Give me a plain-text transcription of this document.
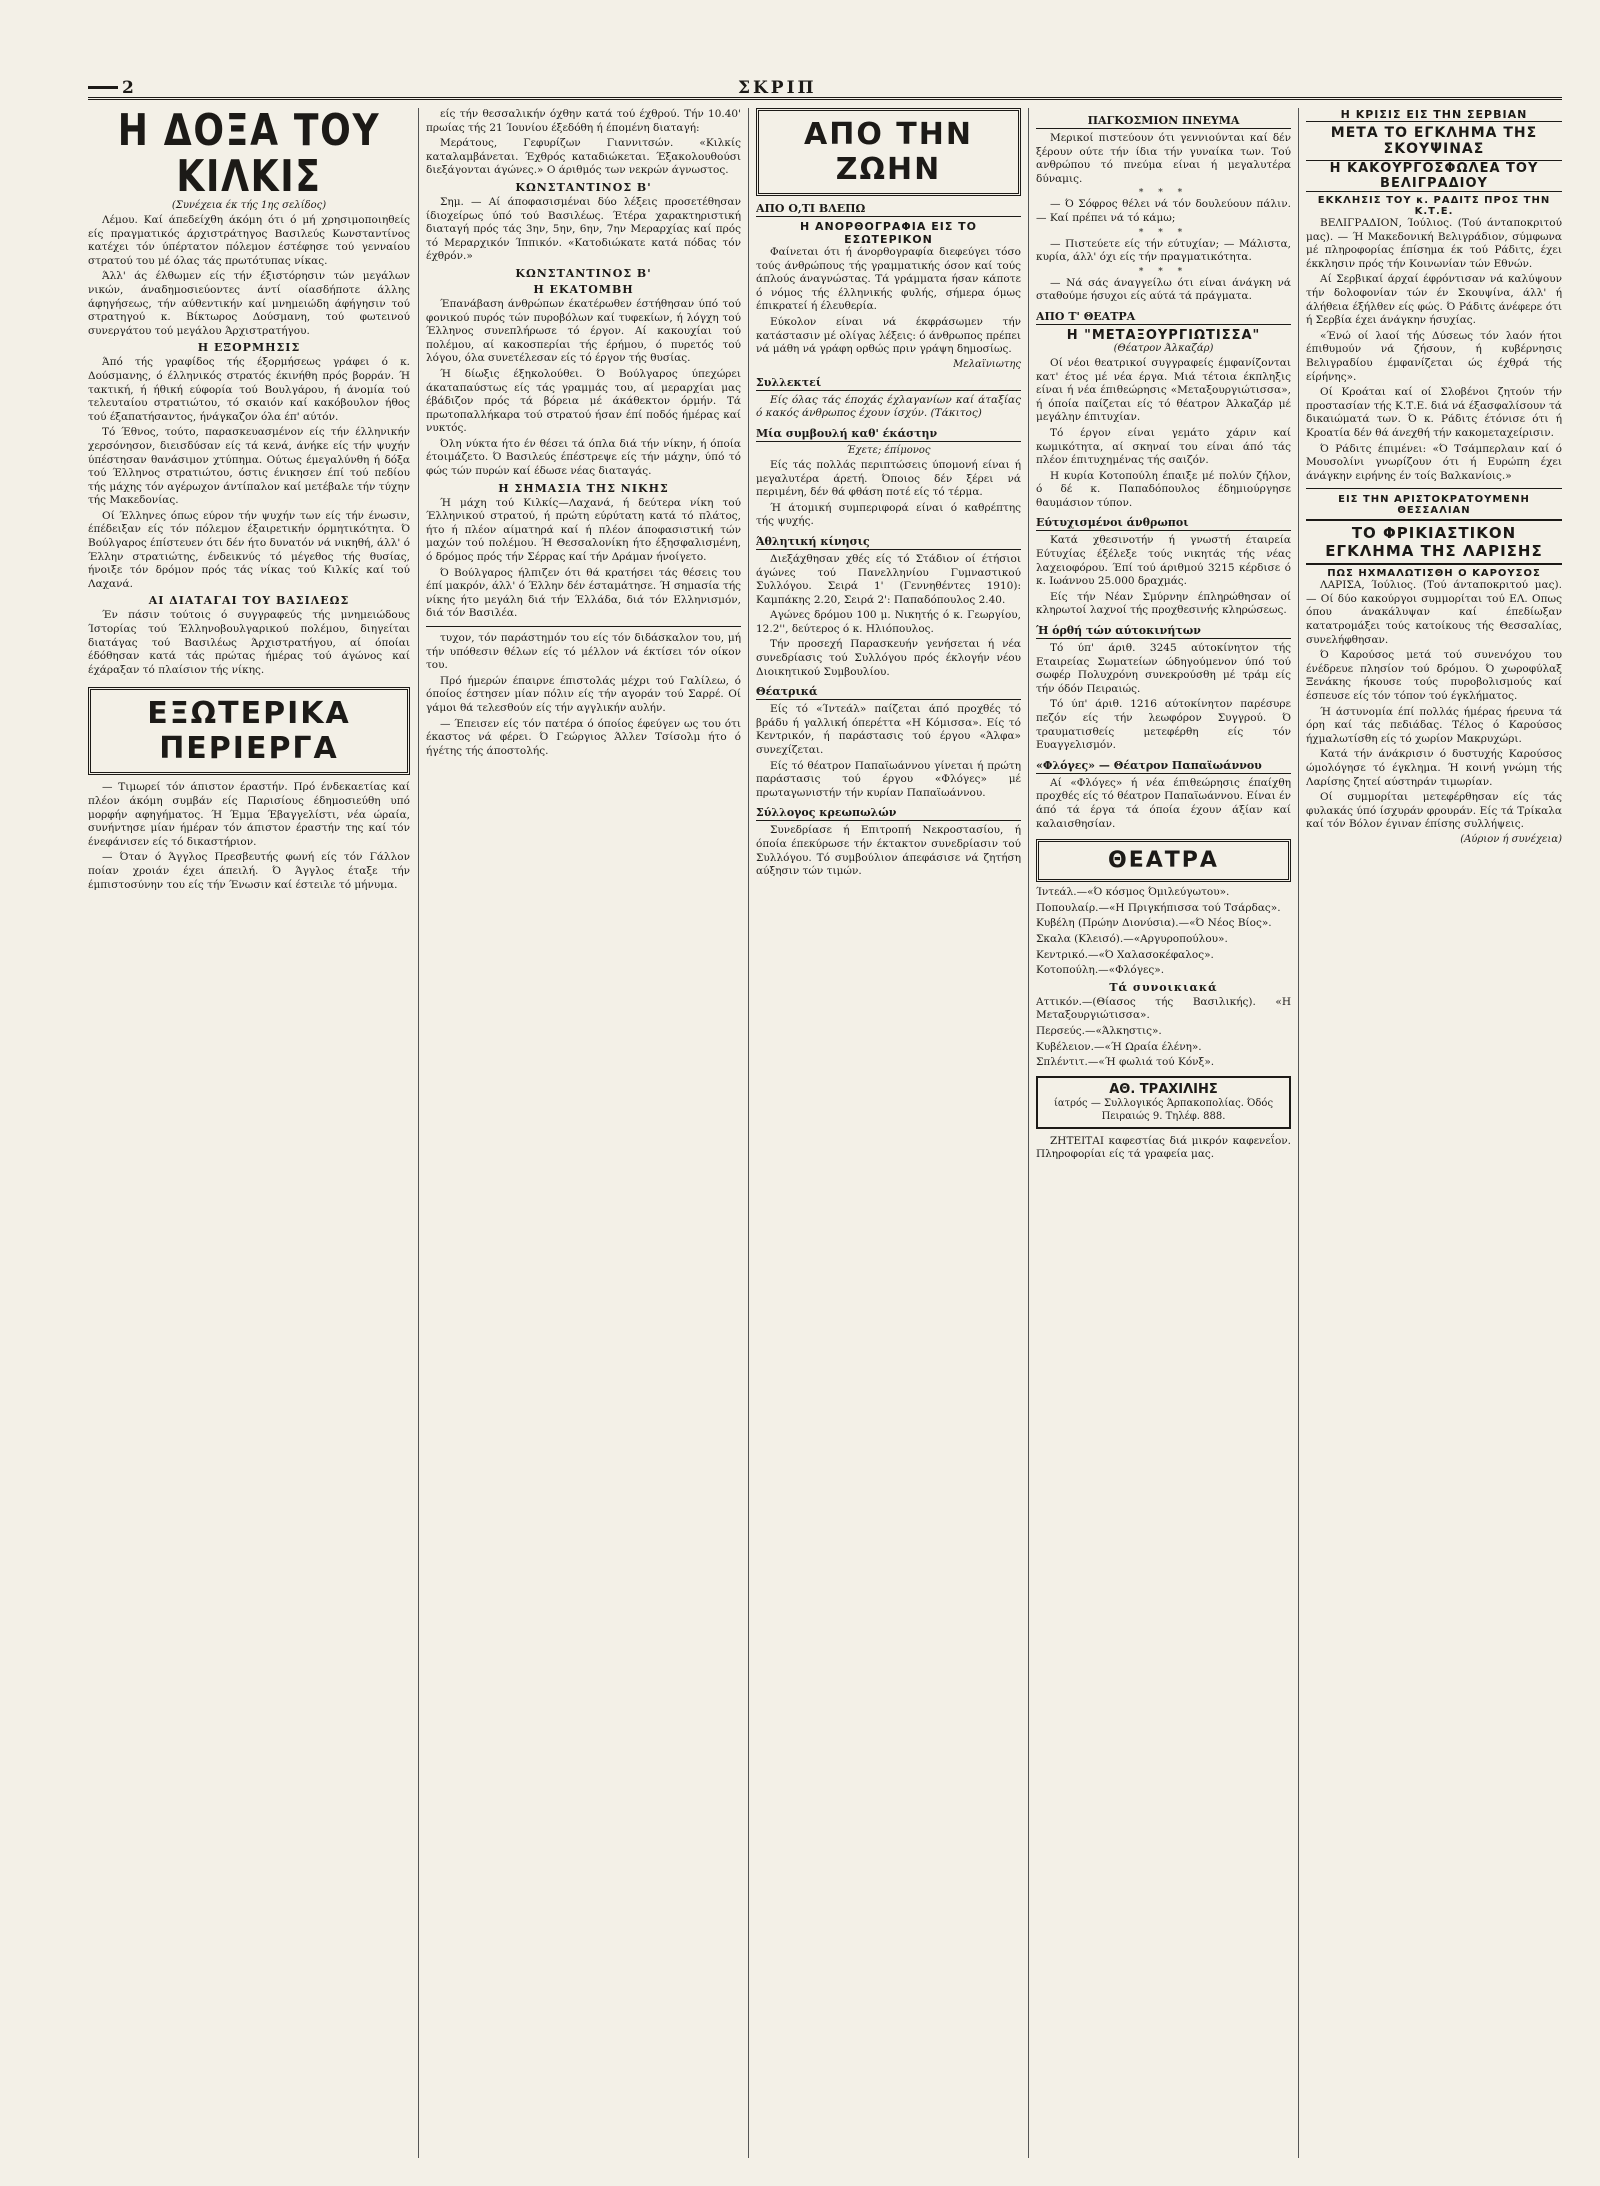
2	ΣΚΡΙΠ
Η ΔΟΞΑ ΤΟΥ ΚΙΛΚΙΣ
(Συνέχεια έκ τής 1ης σελίδος)

Λέμου. Καί άπεδείχθη άκόμη ότι ό μή χρησιμοποιηθείς είς πραγματικός άρχιστράτηγος Βασιλεύς Κωνσταντίνος κατέχει τόν ύπέρτατον πόλεμον έστέφησε τού γενναίου στρατού του μέ όλας τάς πρωτότυπας νίκας.

Άλλ' άς έλθωμεν είς τήν έξιστόρησιν τών μεγάλων νικών, άναδημοσιεύοντες άντί οίασδήποτε άλλης άφηγήσεως, τήν αύθεντικήν καί μνημειώδη άφήγησιν τού στρατηγού κ. Βίκτωρος Δούσμανη, τού φωτεινού συνεργάτου τού μεγάλου Άρχιστρατήγου.

Η ΕΞΟΡΜΗΣΙΣ

Άπό τής γραφίδος τής έξορμήσεως γράφει ό κ. Δούσμανης, ό έλληνικός στρατός έκινήθη πρός βορράν. Ή τακτική, ή ήθική εύφορία τού Βουλγάρου, ή άνομία τού τελευταίου στρατιώτου, τό σκαιόν καί κακόβουλον ήθος τού έξαπατήσαντος, ήνάγκαζον όλα έπ' αύτόν.

Τό Έθνος, τούτο, παρασκευασμένον είς τήν έλληνικήν χερσόνησον, διεισδύσαν είς τά κενά, άνήκε είς τήν ψυχήν ύπέστησαν θανάσιμον χτύπημα. Ούτως έμεγαλύνθη ή δόξα τού Έλληνος στρατιώτου, όστις ένικησεν έπί τού πεδίου τής μάχης τόν αγέρωχον άντίπαλον καί μετέβαλε τήν τύχην τής Μακεδονίας.

Οί Έλληνες όπως εύρον τήν ψυχήν των είς τήν ένωσιν, έπέδειξαν είς τόν πόλεμον έξαιρετικήν όρμητικότητα. Ό Βούλγαρος έπίστευεν ότι δέν ήτο δυνατόν νά νικηθή, άλλ' ό Έλλην στρατιώτης, ένδεικνύς τό μέγεθος τής θυσίας, ήνοιξε τόν δρόμον πρός τάς νίκας τού Κιλκίς καί τού Λαχανά.

ΑΙ ΔΙΑΤΑΓΑΙ ΤΟΥ ΒΑΣΙΛΕΩΣ

Έν πάσιν τούτοις ό συγγραφεύς τής μνημειώδους Ίστορίας τού Έλληνοβουλγαρικού πολέμου, διηγείται διατάγας τού Βασιλέως Άρχιστρατήγου, αί όποίαι έδόθησαν κατά τάς πρώτας ήμέρας τού άγώνος καί έχάραξαν τό πλαίσιον τής νίκης.

ΕΞΩΤΕΡΙΚΑ ΠΕΡΙΕΡΓΑ

— Τιμωρεί τόν άπιστον έραστήν. Πρό ένδεκαετίας καί πλέον άκόμη συμβάν είς Παρισίους έδημοσιεύθη υπό μορφήν αφηγήματος. Ή Έμμα Έβαγγελίστι, νέα ώραία, συνήντησε μίαν ήμέραν τόν άπιστον έραστήν της καί τόν ένεφάνισεν είς τό δικαστήριον.

— Όταν ό Άγγλος Πρεσβευτής φωνή είς τόν Γάλλον ποίαν χροιάν έχει άπειλή. Ό Άγγλος έταξε τήν έμπιστοσύνην του είς τήν Ένωσιν καί έστειλε τό μήνυμα.

είς τήν θεσσαλικήν όχθην κατά τού έχθρού. Τήν 10.40' πρωίας τής 21 Ίουνίου έξεδόθη ή έπομένη διαταγή:

Μεράτους, Γεφυρίζων Γιαννιτσών. «Κιλκίς καταλαμβάνεται. Έχθρός καταδιώκεται. Έξακολουθούσι διεξάγονται άγώνες.» Ο άριθμός των νεκρών άγνωστος.

ΚΩΝΣΤΑΝΤΙΝΟΣ Β'

Σημ. — Αί άποφασισμέναι δύο λέξεις προσετέθησαν ίδιοχείρως ύπό τού Βασιλέως. Έτέρα χαρακτηριστική διαταγή πρός τάς 3ην, 5ην, 6ην, 7ην Μεραρχίας καί πρός τό Μεραρχικόν Ίππικόν. «Κατοδιώκατε κατά πόδας τόν έχθρόν.»

ΚΩΝΣΤΑΝΤΙΝΟΣ Β'
Η ΕΚΑΤΟΜΒΗ

Έπανάβαση άνθρώπων έκατέρωθεν έστήθησαν ύπό τού φονικού πυρός τών πυροβόλων καί τυφεκίων, ή λόγχη τού Έλληνος συνεπλήρωσε τό έργον. Αί κακουχίαι τού πολέμου, αί κακοσπερίαι τής έρήμου, ό πυρετός τού λόγου, όλα συνετέλεσαν είς τό έργον τής θυσίας.

Ή δίωξις έξηκολούθει. Ό Βούλγαρος ύπεχώρει άκαταπαύστως είς τάς γραμμάς του, αί μεραρχίαι μας έβάδιζον πρός τά βόρεια μέ άκάθεκτον όρμήν. Τά πρωτοπαλλήκαρα τού στρατού ήσαν έπί ποδός ήμέρας καί νυκτός.

Όλη νύκτα ήτο έν θέσει τά όπλα διά τήν νίκην, ή όποία έτοιμάζετο. Ό Βασιλεύς έπέστρεψε είς τήν μάχην, ύπό τό φώς τών πυρών καί έδωσε νέας διαταγάς.

Η ΣΗΜΑΣΙΑ ΤΗΣ ΝΙΚΗΣ

Ή μάχη τού Κιλκίς—Λαχανά, ή δεύτερα νίκη τού Έλληνικού στρατού, ή πρώτη εύρύτατη κατά τό πλάτος, ήτο ή πλέον αίματηρά καί ή πλέον άποφασιστική τών μαχών τού πολέμου. Ή Θεσσαλονίκη ήτο έξησφαλισμένη, ό δρόμος πρός τήν Σέρρας καί τήν Δράμαν ήνοίγετο.

Ό Βούλγαρος ήλπιζεν ότι θά κρατήσει τάς θέσεις του έπί μακρόν, άλλ' ό Έλλην δέν έσταμάτησε. Ή σημασία τής νίκης ήτο μεγάλη διά τήν Έλλάδα, διά τόν Ελληνισμόν, διά τόν Βασιλέα.

τυχον, τόν παράστημόν του είς τόν διδάσκαλον του, μή τήν υπόθεσιν θέλων είς τό μέλλον νά έκτίσει τόν οίκον του.

Πρό ήμερών έπαιρνε έπιστολάς μέχρι τού Γαλίλεω, ό όποίος έστησεν μίαν πόλιν είς τήν αγοράν τού Σαρρέ. Οί γάμοι θά τελεσθούν είς τήν αγγλικήν αυλήν.

— Έπεισεν είς τόν πατέρα ό όποίος έφεύγεν ως του ότι έκαστος νά φέρει. Ό Γεώργιος Άλλεν Τσίσολμ ήτο ό ήγέτης τής άποστολής.

ΑΠΟ ΤΗΝ ΖΩΗΝ
ΑΠΟ Ο,ΤΙ ΒΛΕΠΩ
Η ΑΝΟΡΘΟΓΡΑΦΙΑ ΕΙΣ ΤΟ ΕΣΩΤΕΡΙΚΟΝ

Φαίνεται ότι ή άνορθογραφία διεφεύγει τόσο τούς άνθρώπους τής γραμματικής όσον καί τούς άπλούς άναγνώστας. Τά γράμματα ήσαν κάποτε ό νόμος τής έλληνικής φυλής, σήμερα όμως έπικρατεί ή έλευθερία.

Εύκολον είναι νά έκφράσωμεν τήν κατάστασιν μέ ολίγας λέξεις: ό άνθρωπος πρέπει νά μάθη νά γράφη ορθώς πριν γράψη δημοσίως.

Μελαϊνιωτης
Συλλεκτεί

Είς όλας τάς έποχάς έχλαγανίων καί άταξίας ό κακός άνθρωπος έχουν ίσχύν. (Τάκιτος)

Μία συμβουλή καθ' έκάστην
Έχετε; έπίμονος

Είς τάς πολλάς περιπτώσεις ύπομονή είναι ή μεγαλυτέρα άρετή. Όποιος δέν ξέρει νά περιμένη, δέν θά φθάση ποτέ είς τό τέρμα.

Ή άτομική συμπεριφορά είναι ό καθρέπτης τής ψυχής.

Άθλητική κίνησις

Διεξάχθησαν χθές είς τό Στάδιον οί έτήσιοι άγώνες τού Πανελληνίου Γυμναστικού Συλλόγου. Σειρά 1' (Γεννηθέντες 1910): Καμπάκης 2.20, Σειρά 2': Παπαδόπουλος 2.40.

Αγώνες δρόμου 100 μ. Νικητής ό κ. Γεωργίου, 12.2'', δεύτερος ό κ. Ηλιόπουλος.

Τήν προσεχή Παρασκευήν γενήσεται ή νέα συνεδρίασις τού Συλλόγου πρός έκλογήν νέου Διοικητικού Συμβουλίου.

Θέατρικά

Είς τό «Ίντεάλ» παίζεται άπό προχθές τό βράδυ ή γαλλική όπερέττα «Η Κόμισσα». Είς τό Κεντρικόν, ή παράστασις τού έργου «Άλφα» συνεχίζεται.

Είς τό θέατρον Παπαϊωάννου γίνεται ή πρώτη παράστασις τού έργου «Φλόγες» μέ πρωταγωνιστήν τήν κυρίαν Παπαϊωάννου.

Σύλλογος κρεωπωλών

Συνεδρίασε ή Επιτροπή Νεκροστασίου, ή όποία έπεκύρωσε τήν έκτακτον συνεδρίασιν τού Συλλόγου. Τό συμβούλιον άπεφάσισε νά ζητήση αύξησιν τών τιμών.

ΠΑΓΚΟΣΜΙΟΝ ΠΝΕΥΜΑ

Μερικοί πιστεύουν ότι γεννιούνται καί δέν ξέρουν ούτε τήν ίδια τήν γυναίκα των. Τού ανθρώπου τό πνεύμα είναι ή μεγαλυτέρα δύναμις.

* * *

— Ό Σόφρος θέλει νά τόν δουλεύουν πάλιν. — Καί πρέπει νά τό κάμω;

* * *

— Πιστεύετε είς τήν εύτυχίαν; — Μάλιστα, κυρία, άλλ' όχι είς τήν πραγματικότητα.

* * *

— Νά σάς άναγγείλω ότι είναι άνάγκη νά σταθούμε ήσυχοι είς αύτά τά πράγματα.

ΑΠΟ Τ' ΘΕΑΤΡΑ
Η "ΜΕΤΑΞΟΥΡΓΙΩΤΙΣΣΑ"
(Θέατρον Άλκαζάρ)

Οί νέοι θεατρικοί συγγραφείς έμφανίζονται κατ' έτος μέ νέα έργα. Μιά τέτοια έκπληξις είναι ή νέα έπιθεώρησις «Μεταξουργιώτισσα», ή όποία παίζεται είς τό θέατρον Άλκαζάρ μέ μεγάλην έπιτυχίαν.

Τό έργον είναι γεμάτο χάριν καί κωμικότητα, αί σκηναί του είναι άπό τάς πλέον έπιτυχημένας τής σαιζόν.

Η κυρία Κοτοπούλη έπαιξε μέ πολύν ζήλον, ό δέ κ. Παπαδόπουλος έδημιούργησε θαυμάσιον τύπον.

Εύτυχισμένοι άνθρωποι

Κατά χθεσινοτήν ή γνωστή έταιρεία Εύτυχίας έξέλεξε τούς νικητάς τής νέας λαχειοφόρου. Έπί τού άριθμού 3215 κέρδισε ό κ. Ιωάννου 25.000 δραχμάς.

Είς τήν Νέαν Σμύρνην έπληρώθησαν οί κληρωτοί λαχνοί τής προχθεσινής κληρώσεως.

Ή όρθή τών αύτοκινήτων

Τό ύπ' άριθ. 3245 αύτοκίνητον τής Εταιρείας Σωματείων ώδηγούμενον ύπό τού σωφέρ Πολυχρόνη συνεκρούσθη μέ τράμ είς τήν όδόν Πειραιώς.

Τό ύπ' άριθ. 1216 αύτοκίνητον παρέσυρε πεζόν είς τήν λεωφόρον Συγγρού. Ό τραυματισθείς μετεφέρθη είς τόν Ευαγγελισμόν.

«Φλόγες» — Θέατρον Παπαϊωάννου

Αί «Φλόγες» ή νέα έπιθεώρησις έπαίχθη προχθές είς τό θέατρον Παπαϊωάννου. Είναι έν άπό τά έργα τά όποία έχουν άξίαν καί καλαισθησίαν.

ΘΕΑΤΡΑ

Ίντεάλ.—«Ό κόσμος Όμιλεύγωτου».

Ποπουλαίρ.—«Η Πριγκήπισσα τού Τσάρδας».

Κυβέλη (Πρώην Διονύσια).—«Ό Νέος Βίος».

Σκαλα (Κλεισό).—«Αργυροπούλου».

Κεντρικό.—«Ό Χαλασοκέφαλος».

Κοτοπούλη.—«Φλόγες».

Τά συνοικιακά

Αττικόν.—(Θίασος τής Βασιλικής). «Η Μεταξουργιώτισσα».

Περσεύς.—«Άλκηστις».

Κυβέλειον.—«Ή Ωραία έλένη».

Σπλέντιτ.—«Ή φωλιά τού Κόνξ».

ΑΘ. ΤΡΑΧΙΛΙΗΣ
ίατρός — Συλλογικός Άρπακοπολίας. Όδός Πειραιώς 9. Τηλέφ. 888.

ΖΗΤΕΙΤΑΙ καφεστίας διά μικρόν καφενεΐον. Πληροφορίαι είς τά γραφεία μας.

Η ΚΡΙΣΙΣ ΕΙΣ ΤΗΝ ΣΕΡΒΙΑΝ
ΜΕΤΑ ΤΟ ΕΓΚΛΗΜΑ ΤΗΣ ΣΚΟΥΨΙΝΑΣ
Η ΚΑΚΟΥΡΓΟΣΦΩΛΕΑ ΤΟΥ ΒΕΛΙΓΡΑΔΙΟΥ
ΕΚΚΛΗΣΙΣ ΤΟΥ κ. ΡΑΔΙΤΣ ΠΡΟΣ ΤΗΝ Κ.Τ.Ε.

ΒΕΛΙΓΡΑΔΙΟΝ, Ίούλιος. (Τού άνταποκριτού μας). — Ή Μακεδονική Βελιγράδιον, σύμφωνα μέ πληροφορίας έπίσημα έκ τού Ράδιτς, έχει έκκλησιν πρός τήν Κοινωνίαν τών Εθνών.

Αί Σερβικαί άρχαί έφρόντισαν νά καλύψουν τήν δολοφονίαν τών έν Σκουψίνα, άλλ' ή άλήθεια έξήλθεν είς φώς. Ό Ράδιτς άνέφερε ότι ή Σερβία έχει άνάγκην ήσυχίας.

«Ένώ οί λαοί τής Δύσεως τόν λαόν ήτοι έπιθυμούν νά ζήσουν, ή κυβέρνησις Βελιγραδίου έμφανίζεται ώς έχθρά τής είρήνης».

Οί Κροάται καί οί Σλοβένοι ζητούν τήν προστασίαν τής Κ.Τ.Ε. διά νά έξασφαλίσουν τά δικαιώματά των. Ό κ. Ράδιτς έτόνισε ότι ή Κροατία δέν θά άνεχθή τήν κακομεταχείρισιν.

Ό Ράδιτς έπιμένει: «Ό Τσάμπερλαιν καί ό Μουσολίνι γνωρίζουν ότι ή Ευρώπη έχει άνάγκην ειρήνης έν τοίς Βαλκανίοις.»

ΕΙΣ ΤΗΝ ΑΡΙΣΤΟΚΡΑΤΟΥΜΕΝΗ ΘΕΣΣΑΛΙΑΝ
ΤΟ ΦΡΙΚΙΑΣΤΙΚΟΝ ΕΓΚΛΗΜΑ ΤΗΣ ΛΑΡΙΣΗΣ
ΠΩΣ ΗΧΜΑΛΩΤΙΣΘΗ Ο ΚΑΡΟΥΣΟΣ

ΛΑΡΙΣΑ, Ίούλιος. (Τού άνταποκριτού μας). — Οί δύο κακούργοι συμμορίται τού ΕΛ. Οπως όπου άνακάλυψαν καί έπεδίωξαν κατατρομάξει τούς κατοίκους τής Θεσσαλίας, συνελήφθησαν.

Ό Καρούσος μετά τού συνενόχου του ένέδρευε πλησίον τού δρόμου. Ό χωροφύλαξ Ξενάκης ήκουσε τούς πυροβολισμούς καί έσπευσε είς τόν τόπον τού έγκλήματος.

Ή άστυνομία έπί πολλάς ήμέρας ήρευνα τά όρη καί τάς πεδιάδας. Τέλος ό Καρούσος ήχμαλωτίσθη είς τό χωρίον Μακρυχώρι.

Κατά τήν άνάκρισιν ό δυστυχής Καρούσος ώμολόγησε τό έγκλημα. Ή κοινή γνώμη τής Λαρίσης ζητεί αύστηράν τιμωρίαν.

Οί συμμορίται μετεφέρθησαν είς τάς φυλακάς ύπό ίσχυράν φρουράν. Είς τά Τρίκαλα καί τόν Βόλον έγιναν έπίσης συλλήψεις.

(Αύριον ή συνέχεια)
